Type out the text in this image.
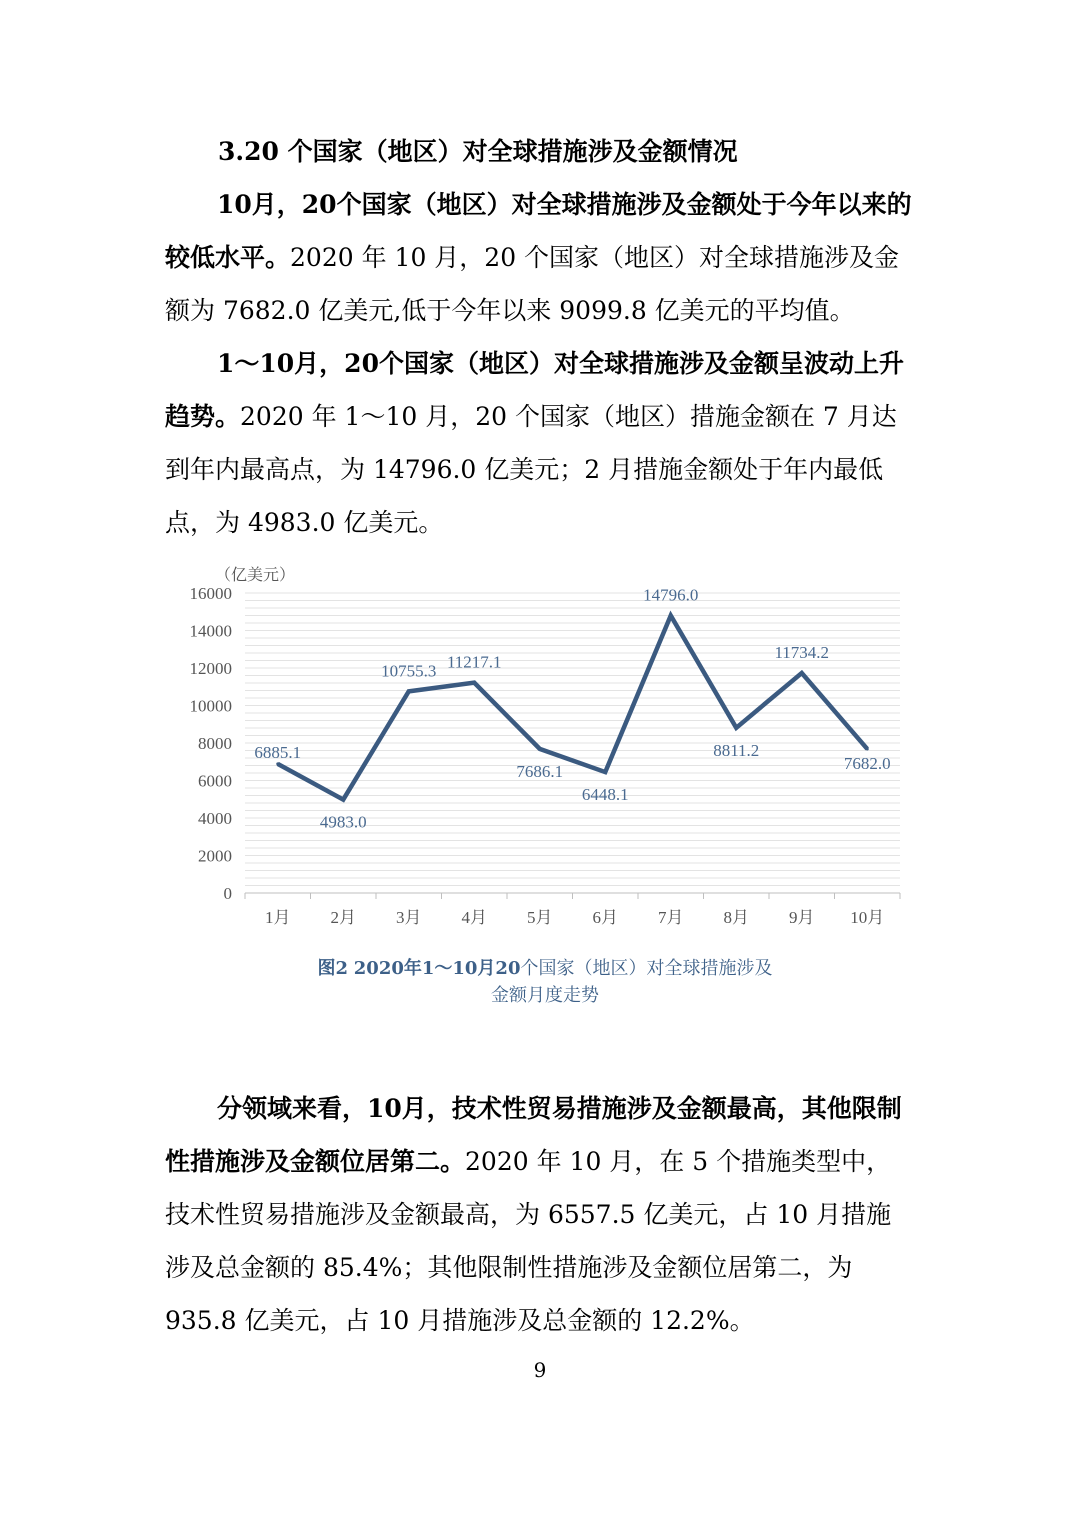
3.20 个国家（地区）对全球措施涉及金额情况
10月，20个国家（地区）对全球措施涉及金额处于今年以来的较低水平。2020 年 10 月，20 个国家（地区）对全球措施涉及金额为 7682.0 亿美元,低于今年以来 9099.8 亿美元的平均值。
1～10月，20个国家（地区）对全球措施涉及金额呈波动上升趋势。2020 年 1～10 月，20 个国家（地区）措施金额在 7 月达到年内最高点，为 14796.0 亿美元；2 月措施金额处于年内最低点，为 4983.0 亿美元。
0
2000
4000
6000
8000
10000
12000
14000
16000
1月 2月 3月 4月 5月 6月 7月 8月 9月 10月
（亿美元）
6885.1
4983.0
10755.3 11217.1
7686.1
6448.1
14796.0
8811.2
11734.2
7682.0
图2 2020年1～10月20个国家（地区）对全球措施涉及
金额月度走势
分领域来看，10月，技术性贸易措施涉及金额最高，其他限制性措施涉及金额位居第二。2020 年 10 月，在 5 个措施类型中，技术性贸易措施涉及金额最高，为 6557.5 亿美元，占 10 月措施涉及总金额的 85.4%；其他限制性措施涉及金额位居第二，为 935.8 亿美元，占 10 月措施涉及总金额的 12.2%。
9
